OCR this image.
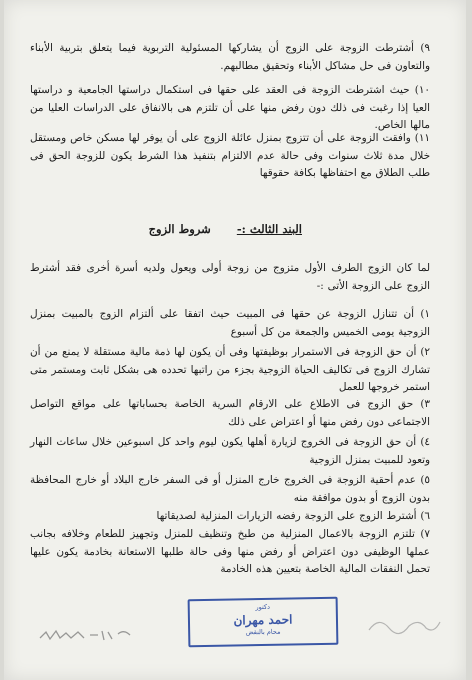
٩) أشترطت الزوجة على الزوج أن يشاركها المسئولية التربوية فيما يتعلق بتربية الأبناء والتعاون فى حل مشاكل الأبناء وتحقيق مطالبهم.

١٠) حيث اشترطت الزوجة فى العقد على حقها فى استكمال دراستها الجامعية و دراستها العيا إذا رغبت فى ذلك دون رفض منها على أن تلتزم هى بالانفاق على الدراسات العليا من مالها الخاص.

١١) وافقت الزوجة على أن تتزوج بمنزل عائلة الزوج على أن يوفر لها مسكن خاص ومستقل خلال مدة ثلاث سنوات وفى حالة عدم الالتزام بتنفيذ هذا الشرط يكون للزوجة الحق فى طلب الطلاق مع احتفاظها بكافة حقوقها

البند الثالث :- شروط الزوج

لما كان الزوج الطرف الأول متزوج من زوجة أولى ويعول ولديه أسرة أخرى فقد أشترط الزوج على الزوجة الأتى :-

١) أن تتنازل الزوجة عن حقها فى المبيت حيث اتفقا على ألتزام الزوج بالمبيت بمنزل الزوجية يومى الخميس والجمعة من كل أسبوع

٢) أن حق الزوجة فى الاستمرار بوظيفتها وفى أن يكون لها ذمة مالية مستقلة لا يمنع من أن تشارك الزوج فى تكاليف الحياة الزوجية بجزء من راتبها تحدده هى بشكل ثابت ومستمر متى استمر خروجها للعمل

٣) حق الزوج فى الاطلاع على الارقام السرية الخاصة بحساباتها على مواقع التواصل الاجتماعى دون رفض منها أو اعتراض على ذلك

٤) أن حق الزوجة فى الخروج لزيارة أهلها يكون ليوم واحد كل اسبوعين خلال ساعات النهار وتعود للمبيت بمنزل الزوجية

٥) عدم أحقية الزوجة فى الخروج خارج المنزل أو فى السفر خارج البلاد أو خارج المحافظة بدون الزوج أو بدون موافقة منه

٦) أشترط الزوج على الزوجة رفضه الزيارات المنزلية لصديقاتها

٧) تلتزم الزوجة بالاعمال المنزلية من طبخ وتنظيف للمنزل وتجهيز للطعام وخلافه بجانب عملها الوظيفى دون اعتراض أو رفض منها وفى حالة طلبها الاستعانة بخادمة يكون عليها تحمل النفقات المالية الخاصة بتعيين هذه الخادمة

دكتور
احمد مهران
محام بالنقض
